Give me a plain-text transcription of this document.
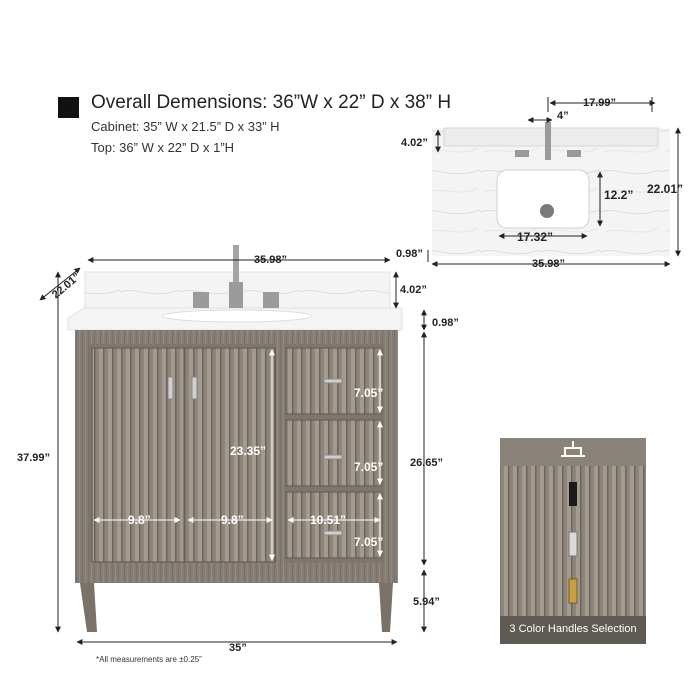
Overall Demensions: 36”W x 22” D x 38” H
Cabinet: 35” W x 21.5” D x 33” H
Top: 36” W x 22” D x 1”H
17.99”
4”
4.02”
22.01”
12.2”
17.32”
0.98”
35.98”
35.98”
22.01”	4.02”
0.98”
37.99”	23.35”
7.05”
7.05”
7.05”
9.8”	9.8”	10.51”
26.65”
5.94”
35”
*All measurements are ±0.25”
3 Color Handles Selection
